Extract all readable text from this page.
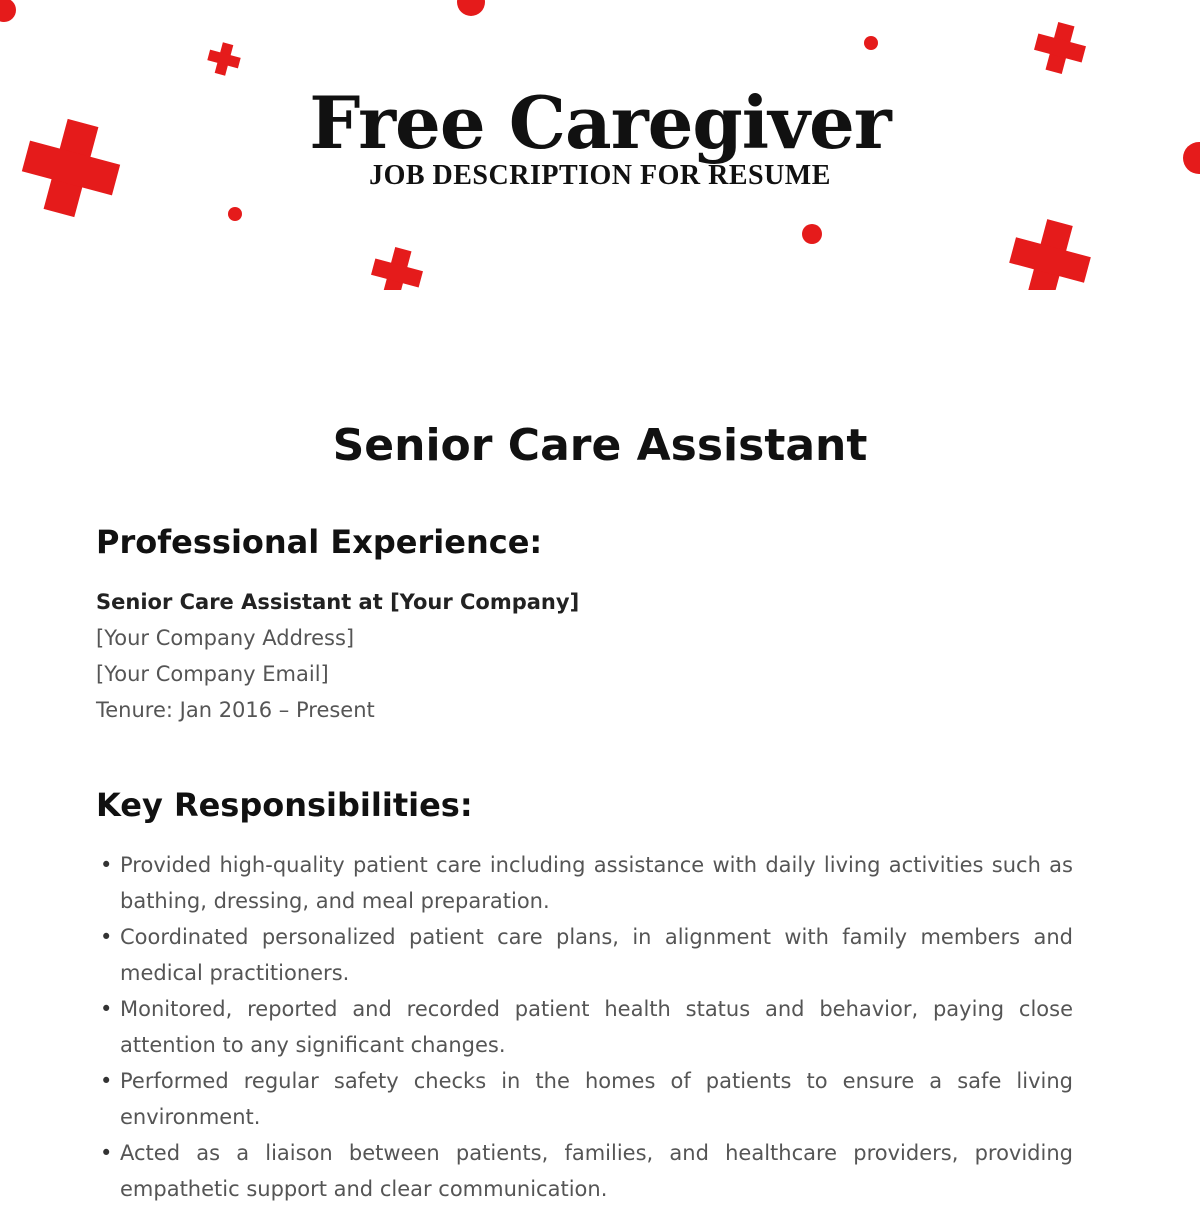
Free Caregiver
JOB DESCRIPTION FOR RESUME
Senior Care Assistant
Professional Experience:
Senior Care Assistant at [Your Company]
[Your Company Address]
[Your Company Email]
Tenure: Jan 2016 – Present
Key Responsibilities:
• Provided high-quality patient care including assistance with daily living activities such as bathing, dressing, and meal preparation.
• Coordinated personalized patient care plans, in alignment with family members and medical practitioners.
• Monitored, reported and recorded patient health status and behavior, paying close attention to any significant changes.
• Performed regular safety checks in the homes of patients to ensure a safe living environment.
• Acted as a liaison between patients, families, and healthcare providers, providing empathetic support and clear communication.
